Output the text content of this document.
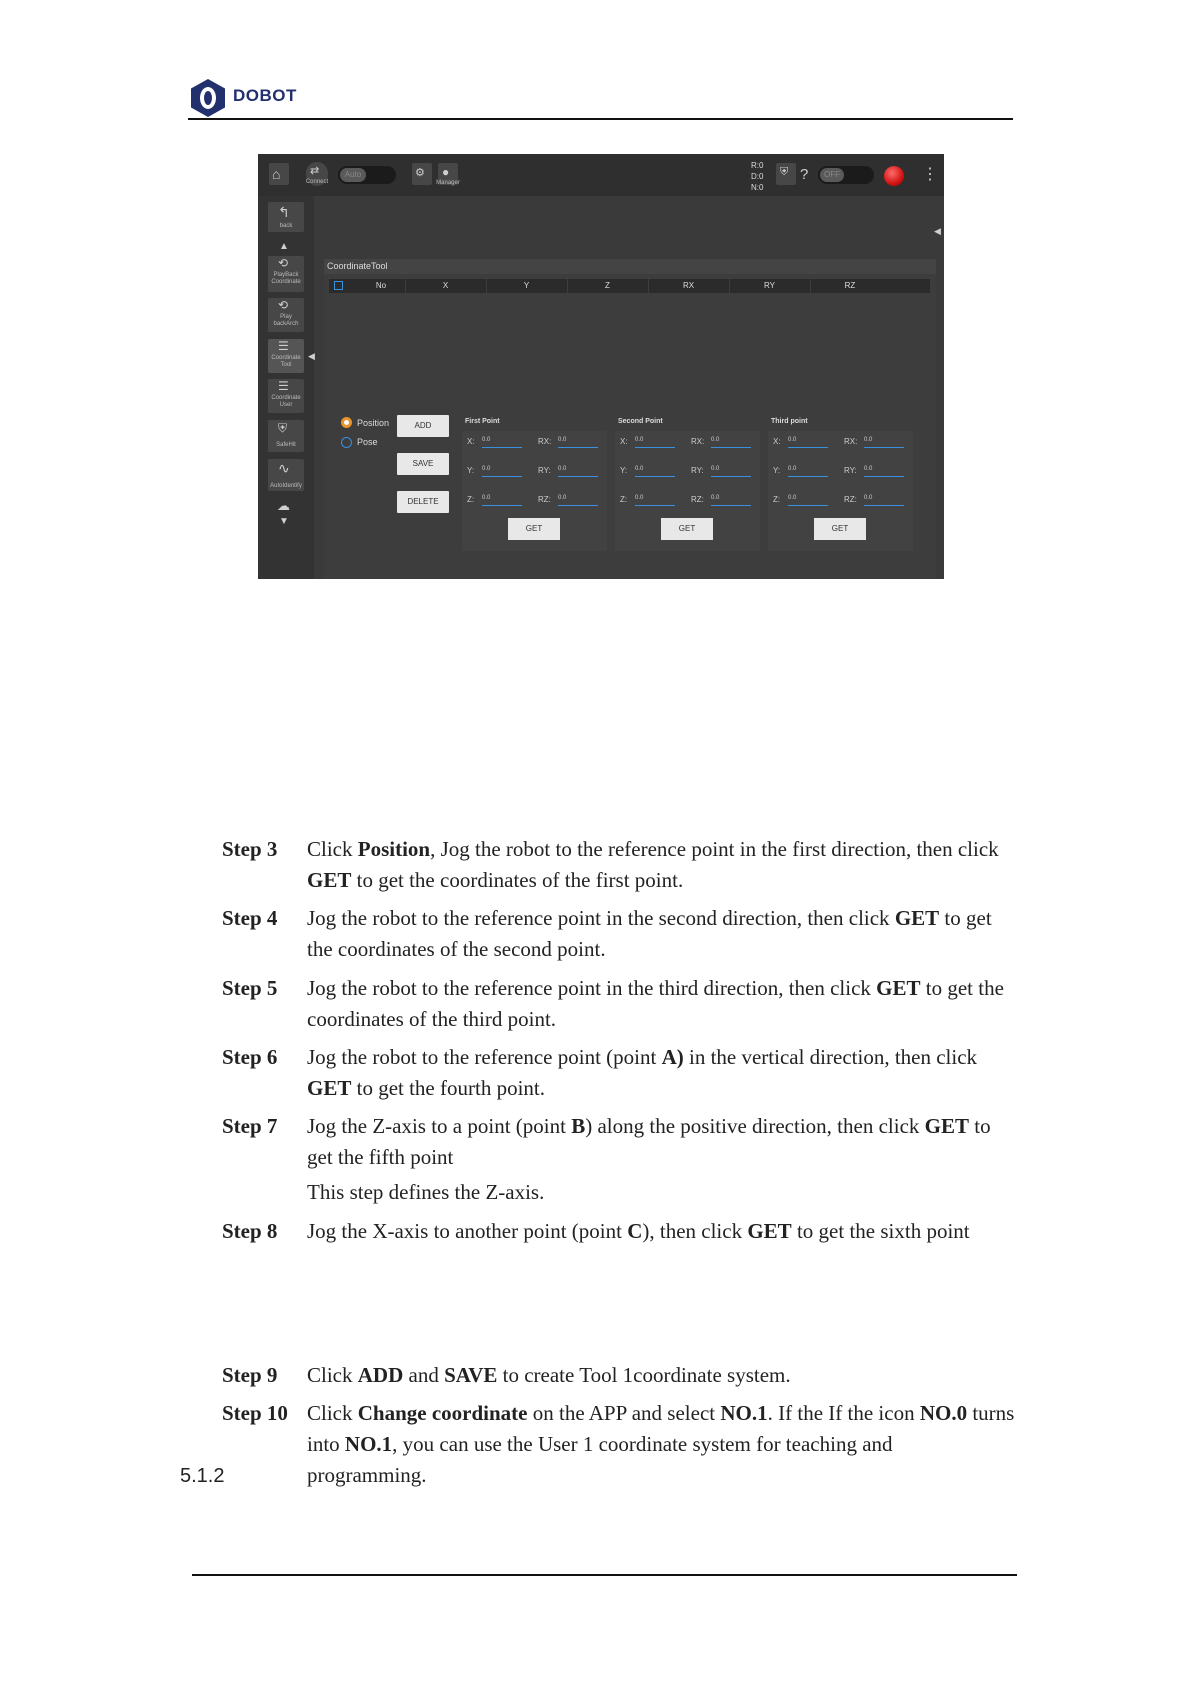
DOBOT
⌂	⇄
Connect
Auto	⚙ ●
Manager
R:0
D:0
N:0
⛨ ?	OFF	⋮
↰
back
▲
⟲
PlayBack Coordinate
⟲
Play backArch
☰
Coordinate Tool
◀
☰
Coordinate User
⛨
SafeHit
∿
AutoIdentify
☁
▼
◀
CoordinateTool
No	X	Y	Z	RX	RY	RZ
Position
Pose
ADD
SAVE
DELETE
First Point
X: 0.0	RX: 0.0
Y: 0.0	RY: 0.0
Z: 0.0	RZ: 0.0
GET
Second Point
X: 0.0	RX: 0.0
Y: 0.0	RY: 0.0
Z: 0.0	RZ: 0.0
GET
Third point
X: 0.0	RX: 0.0
Y: 0.0	RY: 0.0
Z: 0.0	RZ: 0.0
GET
Step 3	Click Position, Jog the robot to the reference point in the first direction, then click GET to get the coordinates of the first point.
Step 4	Jog the robot to the reference point in the second direction, then click GET to get the coordinates of the second point.
Step 5	Jog the robot to the reference point in the third direction, then click GET to get the coordinates of the third point.
Step 6	Jog the robot to the reference point (point A) in the vertical direction, then click GET to get the fourth point.
Step 7	Jog the Z-axis to a point (point B) along the positive direction, then click GET to get the fifth point
This step defines the Z-axis.
Step 8	Jog the X-axis to another point (point C), then click GET to get the sixth point
Step 9	Click ADD and SAVE to create Tool 1coordinate system.
Step 10 Click Change coordinate on the APP and select NO.1. If the If the icon NO.0 turns into NO.1, you can use the User 1 coordinate system for teaching and programming.
5.1.2
